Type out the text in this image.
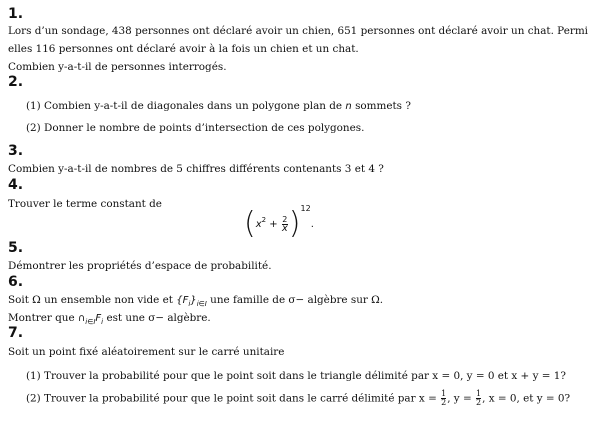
1.
Lors d’un sondage, 438 personnes ont déclaré avoir un chien, 651 personnes ont déclaré avoir un chat. Permi
elles 116 personnes ont déclaré avoir à la fois un chien et un chat.
Combien y-a-t-il de personnes interrogés.
2.
(1) Combien y-a-t-il de diagonales dans un polygone plan de n sommets ?
(2) Donner le nombre de points d’intersection de ces polygones.
3.
Combien y-a-t-il de nombres de 5 chiffres différents contenants 3 et 4 ?
4.
Trouver le terme constant de
$(x^2 + \frac{2}{x} )^{12}$.
5.
Démontrer les propriétés d’espace de probabilité.
6.
Soit Ω un ensemble non vide et $\{F_i\}_{i\in I}$ une famille de σ− algèbre sur Ω.
Montrer que $\cap_{i\in I}F_i$ est une σ− algèbre.
7.
Soit un point fixé aléatoirement sur le carré unitaire
(1) Trouver la probabilité pour que le point soit dans le triangle délimité par x = 0, y = 0 et x + y = 1?
(2) Trouver la probabilité pour que le point soit dans le carré délimité par $x = \frac{1}{2}$ , $y = \frac{1}{2}$ , x = 0, et y = 0?
